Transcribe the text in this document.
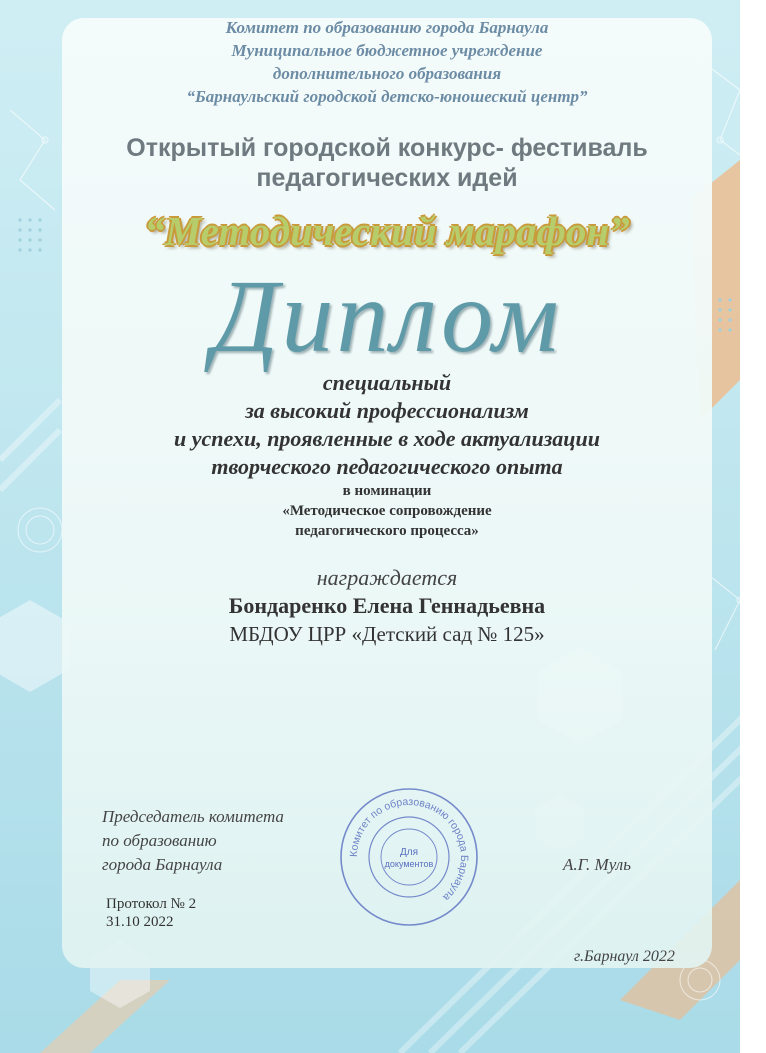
Комитет по образованию города Барнаула
Муниципальное бюджетное учреждение
дополнительного образования
“Барнаульский городской детско-юношеский центр”
Открытый городской конкурс- фестиваль
педагогических идей
“Методический марафон”
Диплом
специальный
за высокий профессионализм
и успехи, проявленные в ходе актуализации
творческого педагогического опыта
в номинации
«Методическое сопровождение
педагогического процесса»
награждается
Бондаренко Елена Геннадьевна
МБДОУ ЦРР «Детский сад № 125»
Председатель комитета
по образованию
города Барнаула	А.Г. Муль
Комитет по образованию города Барнаула
Для
документов
Протокол № 2
31.10 2022
г.Барнаул 2022
